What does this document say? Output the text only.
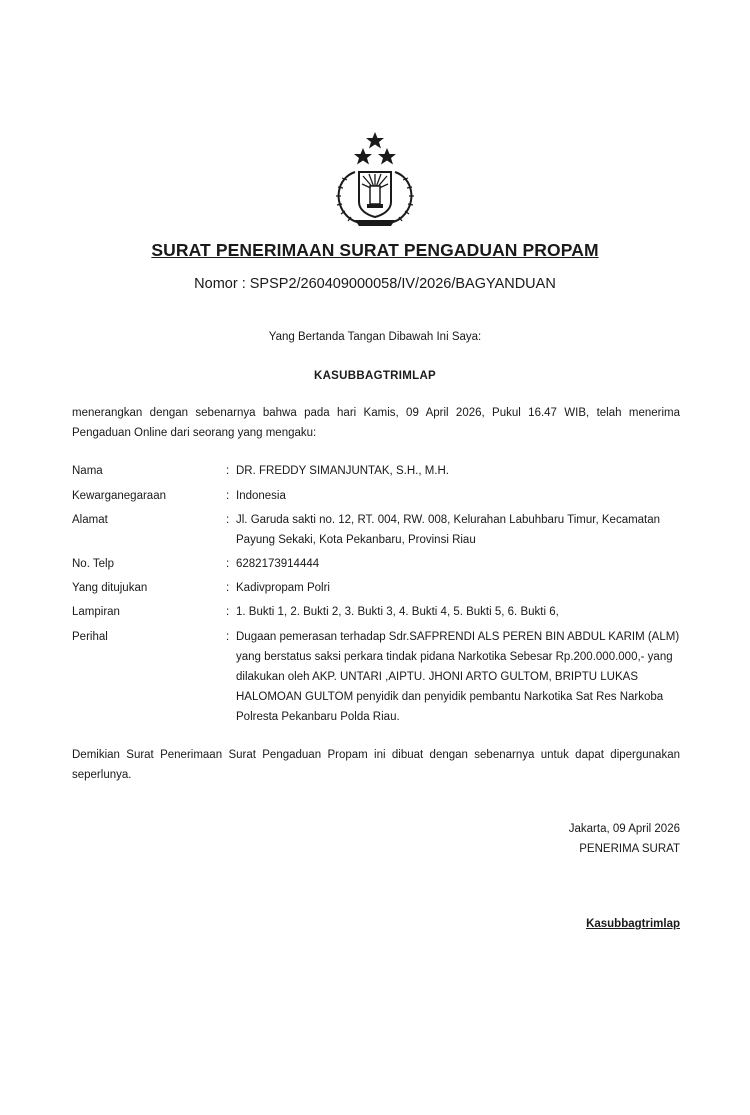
SURAT PENERIMAAN SURAT PENGADUAN PROPAM
Nomor : SPSP2/260409000058/IV/2026/BAGYANDUAN
Yang Bertanda Tangan Dibawah Ini Saya:
KASUBBAGTRIMLAP
menerangkan dengan sebenarnya bahwa pada hari Kamis, 09 April 2026, Pukul 16.47 WIB, telah menerima Pengaduan Online dari seorang yang mengaku:
Nama	: DR. FREDDY SIMANJUNTAK, S.H., M.H.
Kewarganegaraan	: Indonesia
Alamat	: Jl. Garuda sakti no. 12, RT. 004, RW. 008, Kelurahan Labuhbaru Timur, Kecamatan Payung Sekaki, Kota Pekanbaru, Provinsi Riau
No. Telp	: 6282173914444
Yang ditujukan	: Kadivpropam Polri
Lampiran	: 1. Bukti 1, 2. Bukti 2, 3. Bukti 3, 4. Bukti 4, 5. Bukti 5, 6. Bukti 6,
Perihal	: Dugaan pemerasan terhadap Sdr.SAFPRENDI ALS PEREN BIN ABDUL KARIM (ALM) yang berstatus saksi perkara tindak pidana Narkotika Sebesar Rp.200.000.000,- yang dilakukan oleh AKP. UNTARI ,AIPTU. JHONI ARTO GULTOM, BRIPTU LUKAS HALOMOAN GULTOM penyidik dan penyidik pembantu Narkotika Sat Res Narkoba Polresta Pekanbaru Polda Riau.
Demikian Surat Penerimaan Surat Pengaduan Propam ini dibuat dengan sebenarnya untuk dapat dipergunakan seperlunya.
Jakarta, 09 April 2026
PENERIMA SURAT
Kasubbagtrimlap
